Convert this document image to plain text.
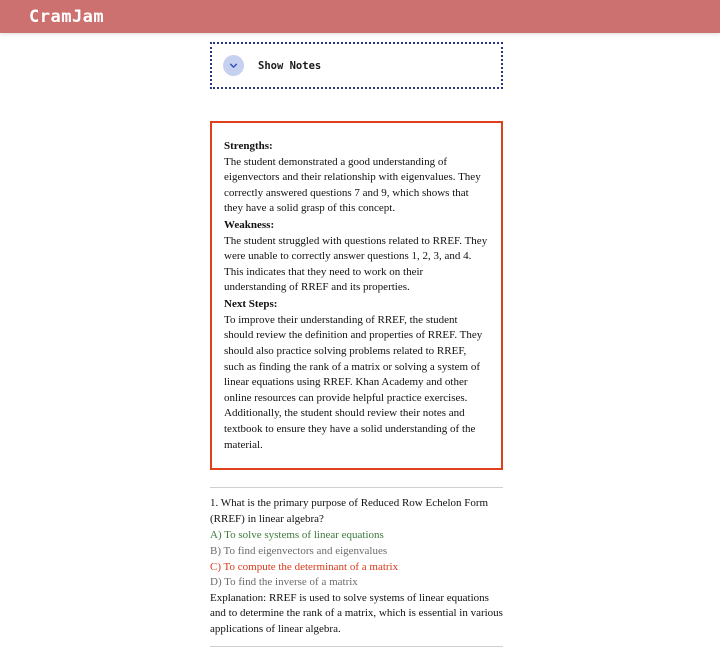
CramJam
Show Notes

Strengths:

The student demonstrated a good understanding of eigenvectors and their relationship with eigenvalues. They correctly answered questions 7 and 9, which shows that they have a solid grasp of this concept.

Weakness:

The student struggled with questions related to RREF. They were unable to correctly answer questions 1, 2, 3, and 4. This indicates that they need to work on their understanding of RREF and its properties.

Next Steps:

To improve their understanding of RREF, the student should review the definition and properties of RREF. They should also practice solving problems related to RREF, such as finding the rank of a matrix or solving a system of linear equations using RREF. Khan Academy and other online resources can provide helpful practice exercises. Additionally, the student should review their notes and textbook to ensure they have a solid understanding of the material.

1. What is the primary purpose of Reduced Row Echelon Form (RREF) in linear algebra?

A) To solve systems of linear equations

B) To find eigenvectors and eigenvalues

C) To compute the determinant of a matrix

D) To find the inverse of a matrix

Explanation: RREF is used to solve systems of linear equations and to determine the rank of a matrix, which is essential in various applications of linear algebra.
